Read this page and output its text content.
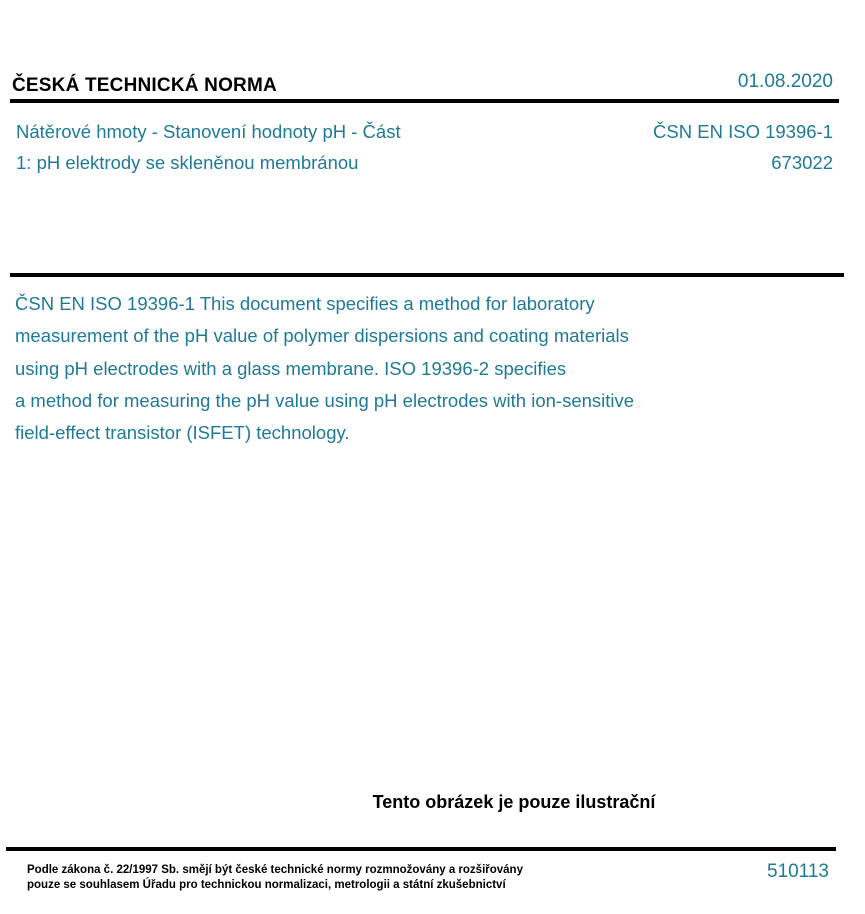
ČESKÁ TECHNICKÁ NORMA	01.08.2020
Nátěrové hmoty - Stanovení hodnoty pH - Část
1: pH elektrody se skleněnou membránou
ČSN EN ISO 19396-1
673022
ČSN EN ISO 19396-1 This document specifies a method for laboratory
measurement of the pH value of polymer dispersions and coating materials
using pH electrodes with a glass membrane. ISO 19396-2 specifies
a method for measuring the pH value using pH electrodes with ion-sensitive
field-effect transistor (ISFET) technology.
Tento obrázek je pouze ilustrační
Podle zákona č. 22/1997 Sb. smějí být české technické normy rozmnožovány a rozšiřovány
pouze se souhlasem Úřadu pro technickou normalizaci, metrologii a státní zkušebnictví
510113
